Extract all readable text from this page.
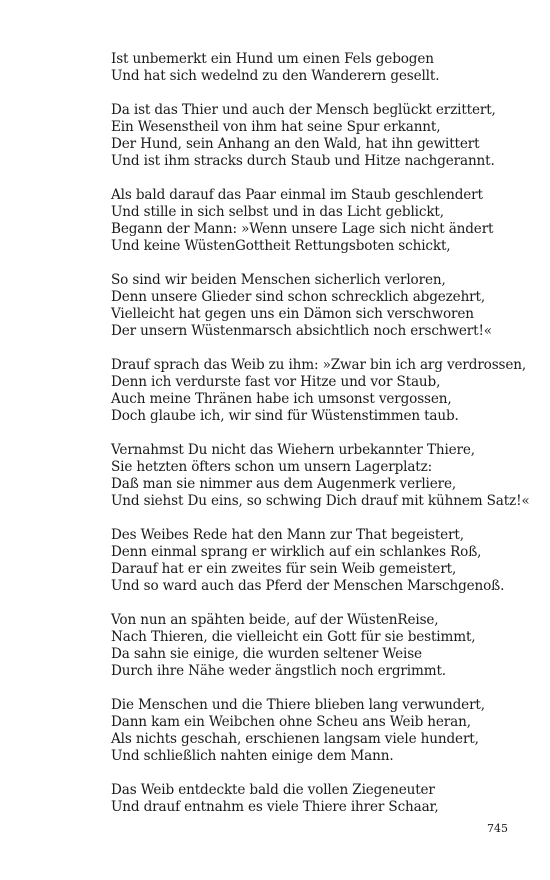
Ist unbemerkt ein Hund um einen Fels gebogen
Und hat sich wedelnd zu den Wanderern gesellt.
Da ist das Thier und auch der Mensch beglückt erzittert,
Ein Wesenstheil von ihm hat seine Spur erkannt,
Der Hund, sein Anhang an den Wald, hat ihn gewittert
Und ist ihm stracks durch Staub und Hitze nachgerannt.
Als bald darauf das Paar einmal im Staub geschlendert
Und stille in sich selbst und in das Licht geblickt,
Begann der Mann: »Wenn unsere Lage sich nicht ändert
Und keine WüstenGottheit Rettungsboten schickt,
So sind wir beiden Menschen sicherlich verloren,
Denn unsere Glieder sind schon schrecklich abgezehrt,
Vielleicht hat gegen uns ein Dämon sich verschworen
Der unsern Wüstenmarsch absichtlich noch erschwert!«
Drauf sprach das Weib zu ihm: »Zwar bin ich arg verdrossen,
Denn ich verdurste fast vor Hitze und vor Staub,
Auch meine Thränen habe ich umsonst vergossen,
Doch glaube ich, wir sind für Wüstenstimmen taub.
Vernahmst Du nicht das Wiehern urbekannter Thiere,
Sie hetzten öfters schon um unsern Lagerplatz:
Daß man sie nimmer aus dem Augenmerk verliere,
Und siehst Du eins, so schwing Dich drauf mit kühnem Satz!«
Des Weibes Rede hat den Mann zur That begeistert,
Denn einmal sprang er wirklich auf ein schlankes Roß,
Darauf hat er ein zweites für sein Weib gemeistert,
Und so ward auch das Pferd der Menschen Marschgenoß.
Von nun an spähten beide, auf der WüstenReise,
Nach Thieren, die vielleicht ein Gott für sie bestimmt,
Da sahn sie einige, die wurden seltener Weise
Durch ihre Nähe weder ängstlich noch ergrimmt.
Die Menschen und die Thiere blieben lang verwundert,
Dann kam ein Weibchen ohne Scheu ans Weib heran,
Als nichts geschah, erschienen langsam viele hundert,
Und schließlich nahten einige dem Mann.
Das Weib entdeckte bald die vollen Ziegeneuter
Und drauf entnahm es viele Thiere ihrer Schaar,
745
